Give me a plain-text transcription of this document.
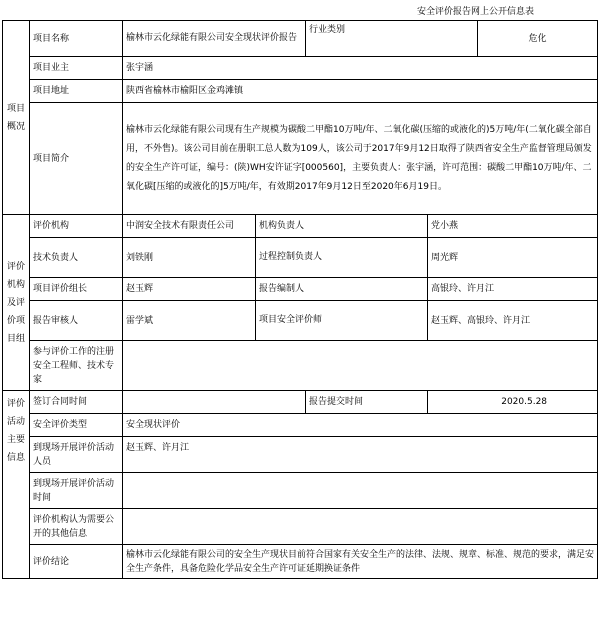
安全评价报告网上公开信息表
项目概况	项目名称	榆林市云化绿能有限公司安全现状评价报告		行业类别		危化
	项目业主	张宇涵				
	项目地址	陕西省榆林市榆阳区金鸡滩镇				
	项目简介	榆林市云化绿能有限公司现有生产规模为碳酸二甲酯10万吨/年、二氧化碳(压缩的或液化的)5万吨/年(二氧化碳全部自用，不外售)。该公司目前在册职工总人数为109人，该公司于2017年9月12日取得了陕西省安全生产监督管理局颁发的安全生产许可证，编号：(陕)WH安许证字[000560]，主要负责人：张宇涵，许可范围：碳酸二甲酯10万吨/年、二氧化碳[压缩的或液化的]5万吨/年，有效期2017年9月12日至2020年6月19日。				
评价机构及评价项目组	评价机构	中润安全技术有限责任公司	机构负责人		党小燕	
	技术负责人	刘铁刚	过程控制负责人		周光辉	
	项目评价组长	赵玉辉	报告编制人		高银玲、许月江	
	报告审核人	雷学斌	项目安全评价师		赵玉辉、高银玲、许月江	
	参与评价工作的注册安全工程师、技术专家					
评价活动主要信息	签订合同时间			报告提交时间	2020.5.28	
	安全评价类型	安全现状评价				
	到现场开展评价活动人员	赵玉辉、许月江				
	到现场开展评价活动时间					
	评价机构认为需要公开的其他信息					
	评价结论	榆林市云化绿能有限公司的安全生产现状目前符合国家有关安全生产的法律、法规、规章、标准、规范的要求，满足安全生产条件，具备危险化学品安全生产许可证延期换证条件				
